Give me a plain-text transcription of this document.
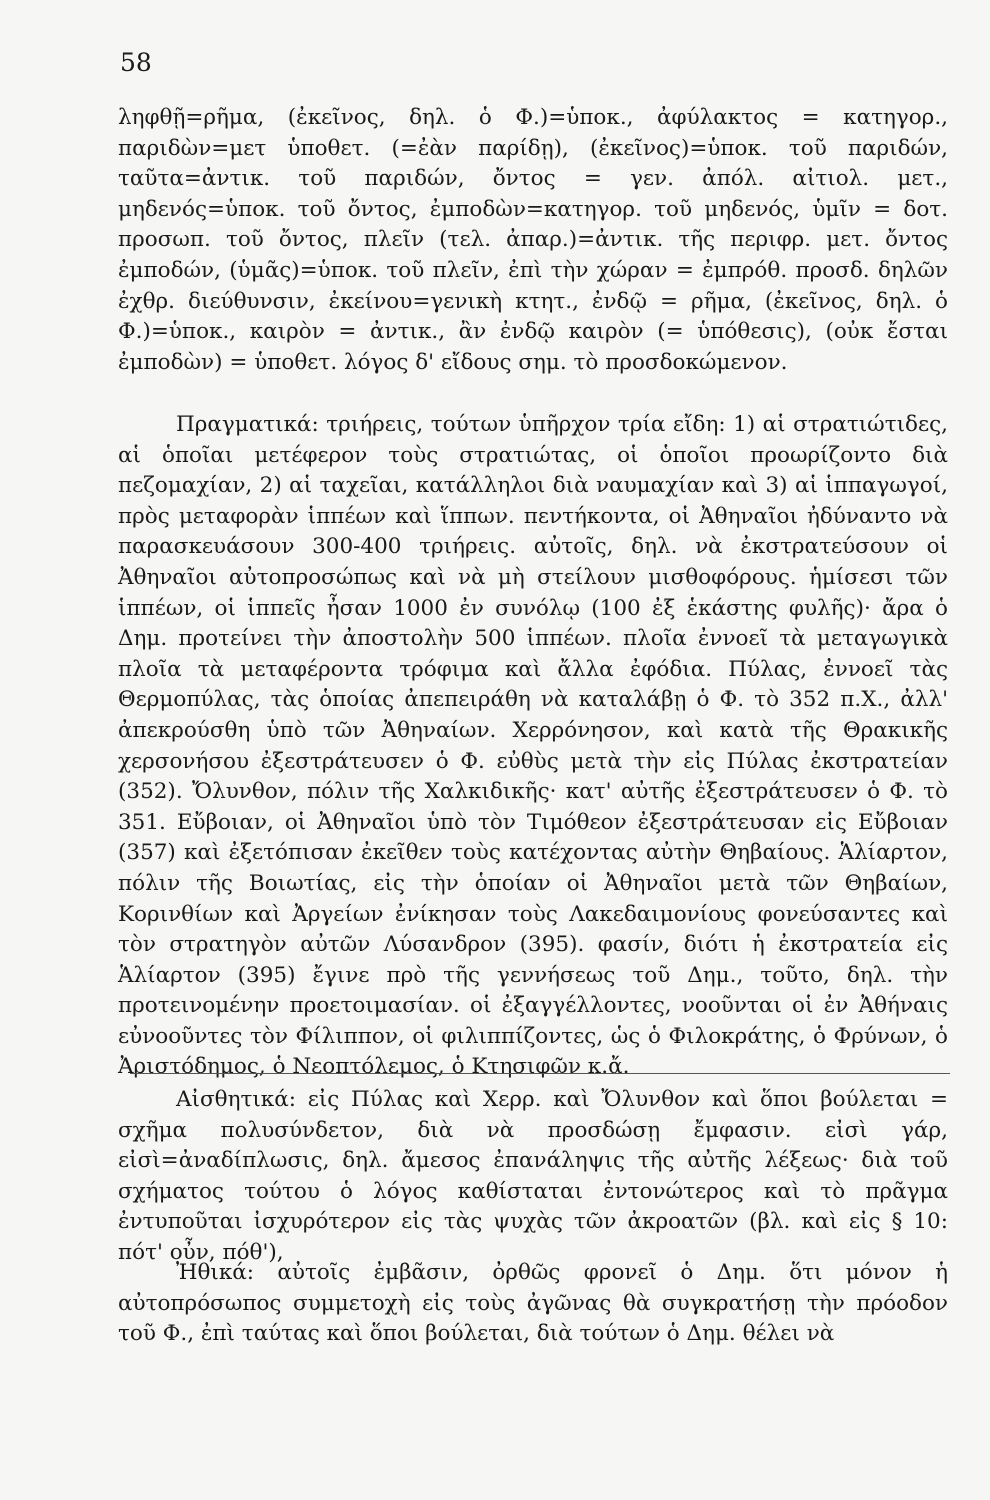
58

ληφθῇ=ρῆμα, (ἐκεῖνος, δηλ. ὁ Φ.)=ὑποκ., ἀφύλακτος = κατηγορ., παριδὼν=μετ ὑποθετ. (=ἐὰν παρίδῃ), (ἐκεῖνος)=ὑποκ. τοῦ παριδών, ταῦτα=ἀντικ. τοῦ παριδών, ὄντος = γεν. ἀπόλ. αἰτιολ. μετ., μηδενός=ὑποκ. τοῦ ὄντος, ἐμποδὼν=κατηγορ. τοῦ μηδενός, ὑμῖν = δοτ. προσωπ. τοῦ ὄντος, πλεῖν (τελ. ἀπαρ.)=ἀντικ. τῆς περιφρ. μετ. ὄντος ἐμποδών, (ὑμᾶς)=ὑποκ. τοῦ πλεῖν, ἐπὶ τὴν χώραν = ἐμπρόθ. προσδ. δηλῶν ἐχθρ. διεύθυνσιν, ἐκείνου=γενικὴ κτητ., ἐνδῷ = ρῆμα, (ἐκεῖνος, δηλ. ὁ Φ.)=ὑποκ., καιρὸν = ἀντικ., ἂν ἐνδῷ καιρὸν (= ὑπόθεσις), (οὐκ ἔσται ἐμποδὼν) = ὑποθετ. λόγος δ' εἴδους σημ. τὸ προσδοκώμενον.

Πραγματικά: τριήρεις, τούτων ὑπῆρχον τρία εἴδη: 1) αἱ στρατιώτιδες, αἱ ὁποῖαι μετέφερον τοὺς στρατιώτας, οἱ ὁποῖοι προωρίζοντο διὰ πεζομαχίαν, 2) αἱ ταχεῖαι, κατάλληλοι διὰ ναυμαχίαν καὶ 3) αἱ ἱππαγωγοί, πρὸς μεταφορὰν ἱππέων καὶ ἵππων. πεντήκοντα, οἱ Ἀθηναῖοι ἠδύναντο νὰ παρασκευάσουν 300-400 τριήρεις. αὐτοῖς, δηλ. νὰ ἐκστρατεύσουν οἱ Ἀθηναῖοι αὐτοπροσώπως καὶ νὰ μὴ στείλουν μισθοφόρους. ἡμίσεσι τῶν ἱππέων, οἱ ἱππεῖς ἦσαν 1000 ἐν συνόλῳ (100 ἐξ ἑκάστης φυλῆς)· ἄρα ὁ Δημ. προτείνει τὴν ἀποστολὴν 500 ἱππέων. πλοῖα ἐννοεῖ τὰ μεταγωγικὰ πλοῖα τὰ μεταφέροντα τρόφιμα καὶ ἄλλα ἐφόδια. Πύλας, ἐννοεῖ τὰς Θερμοπύλας, τὰς ὁποίας ἀπεπειράθη νὰ καταλάβῃ ὁ Φ. τὸ 352 π.Χ., ἀλλ' ἀπεκρούσθη ὑπὸ τῶν Ἀθηναίων. Χερρόνησον, καὶ κατὰ τῆς Θρακικῆς χερσονήσου ἐξεστράτευσεν ὁ Φ. εὐθὺς μετὰ τὴν εἰς Πύλας ἐκστρατείαν (352). Ὄλυνθον, πόλιν τῆς Χαλκιδικῆς· κατ' αὐτῆς ἐξεστράτευσεν ὁ Φ. τὸ 351. Εὔβοιαν, οἱ Ἀθηναῖοι ὑπὸ τὸν Τιμόθεον ἐξεστράτευσαν εἰς Εὔβοιαν (357) καὶ ἐξετόπισαν ἐκεῖθεν τοὺς κατέχοντας αὐτὴν Θηβαίους. Ἁλίαρτον, πόλιν τῆς Βοιωτίας, εἰς τὴν ὁποίαν οἱ Ἀθηναῖοι μετὰ τῶν Θηβαίων, Κορινθίων καὶ Ἀργείων ἐνίκησαν τοὺς Λακεδαιμονίους φονεύσαντες καὶ τὸν στρατηγὸν αὐτῶν Λύσανδρον (395). φασίν, διότι ἡ ἐκστρατεία εἰς Ἁλίαρτον (395) ἔγινε πρὸ τῆς γεννήσεως τοῦ Δημ., τοῦτο, δηλ. τὴν προτεινομένην προετοιμασίαν. οἱ ἐξαγγέλλοντες, νοοῦνται οἱ ἐν Ἀθήναις εὐνοοῦντες τὸν Φίλιππον, οἱ φιλιππίζοντες, ὡς ὁ Φιλοκράτης, ὁ Φρύνων, ὁ Ἀριστόδημος, ὁ Νεοπτόλεμος, ὁ Κτησιφῶν κ.ἄ.

Αἰσθητικά: εἰς Πύλας καὶ Χερρ. καὶ Ὄλυνθον καὶ ὅποι βούλεται = σχῆμα πολυσύνδετον, διὰ νὰ προσδώσῃ ἔμφασιν. εἰσὶ γάρ, εἰσὶ=ἀναδίπλωσις, δηλ. ἄμεσος ἐπανάληψις τῆς αὐτῆς λέξεως· διὰ τοῦ σχήματος τούτου ὁ λόγος καθίσταται ἐντονώτερος καὶ τὸ πρᾶγμα ἐντυποῦται ἰσχυρότερον εἰς τὰς ψυχὰς τῶν ἀκροατῶν (βλ. καὶ εἰς § 10: πότ' οὖν, πόθ'),

Ἠθικά: αὐτοῖς ἐμβᾶσιν, ὀρθῶς φρονεῖ ὁ Δημ. ὅτι μόνον ἡ αὐτοπρόσωπος συμμετοχὴ εἰς τοὺς ἀγῶνας θὰ συγκρατήσῃ τὴν πρόοδον τοῦ Φ., ἐπὶ ταύτας καὶ ὅποι βούλεται, διὰ τούτων ὁ Δημ. θέλει νὰ
